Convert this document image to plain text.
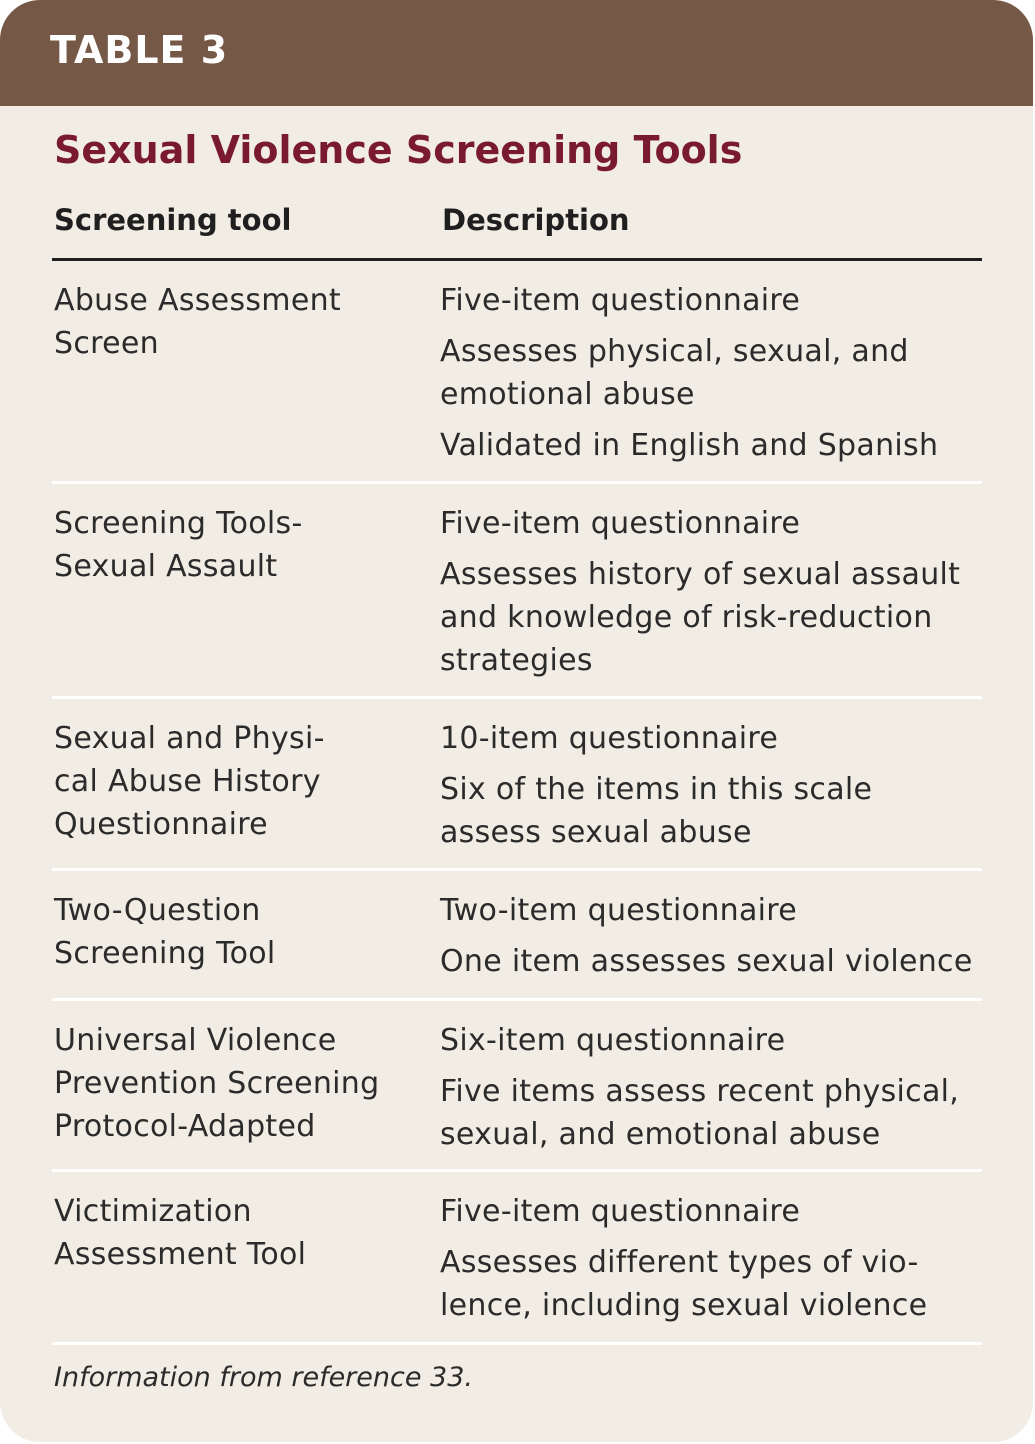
TABLE 3
Sexual Violence Screening Tools
Screening tool	Description
Abuse Assessment
Screen
Five-item questionnaire
Assesses physical, sexual, and
emotional abuse
Validated in English and Spanish
Screening Tools-
Sexual Assault
Five-item questionnaire
Assesses history of sexual assault
and knowledge of risk-reduction
strategies
Sexual and Physi-
cal Abuse History
Questionnaire
10-item questionnaire
Six of the items in this scale
assess sexual abuse
Two-Question
Screening Tool
Two-item questionnaire
One item assesses sexual violence
Universal Violence
Prevention Screening
Protocol-Adapted
Six-item questionnaire
Five items assess recent physical,
sexual, and emotional abuse
Victimization
Assessment Tool
Five-item questionnaire
Assesses different types of vio-
lence, including sexual violence
Information from reference 33.
